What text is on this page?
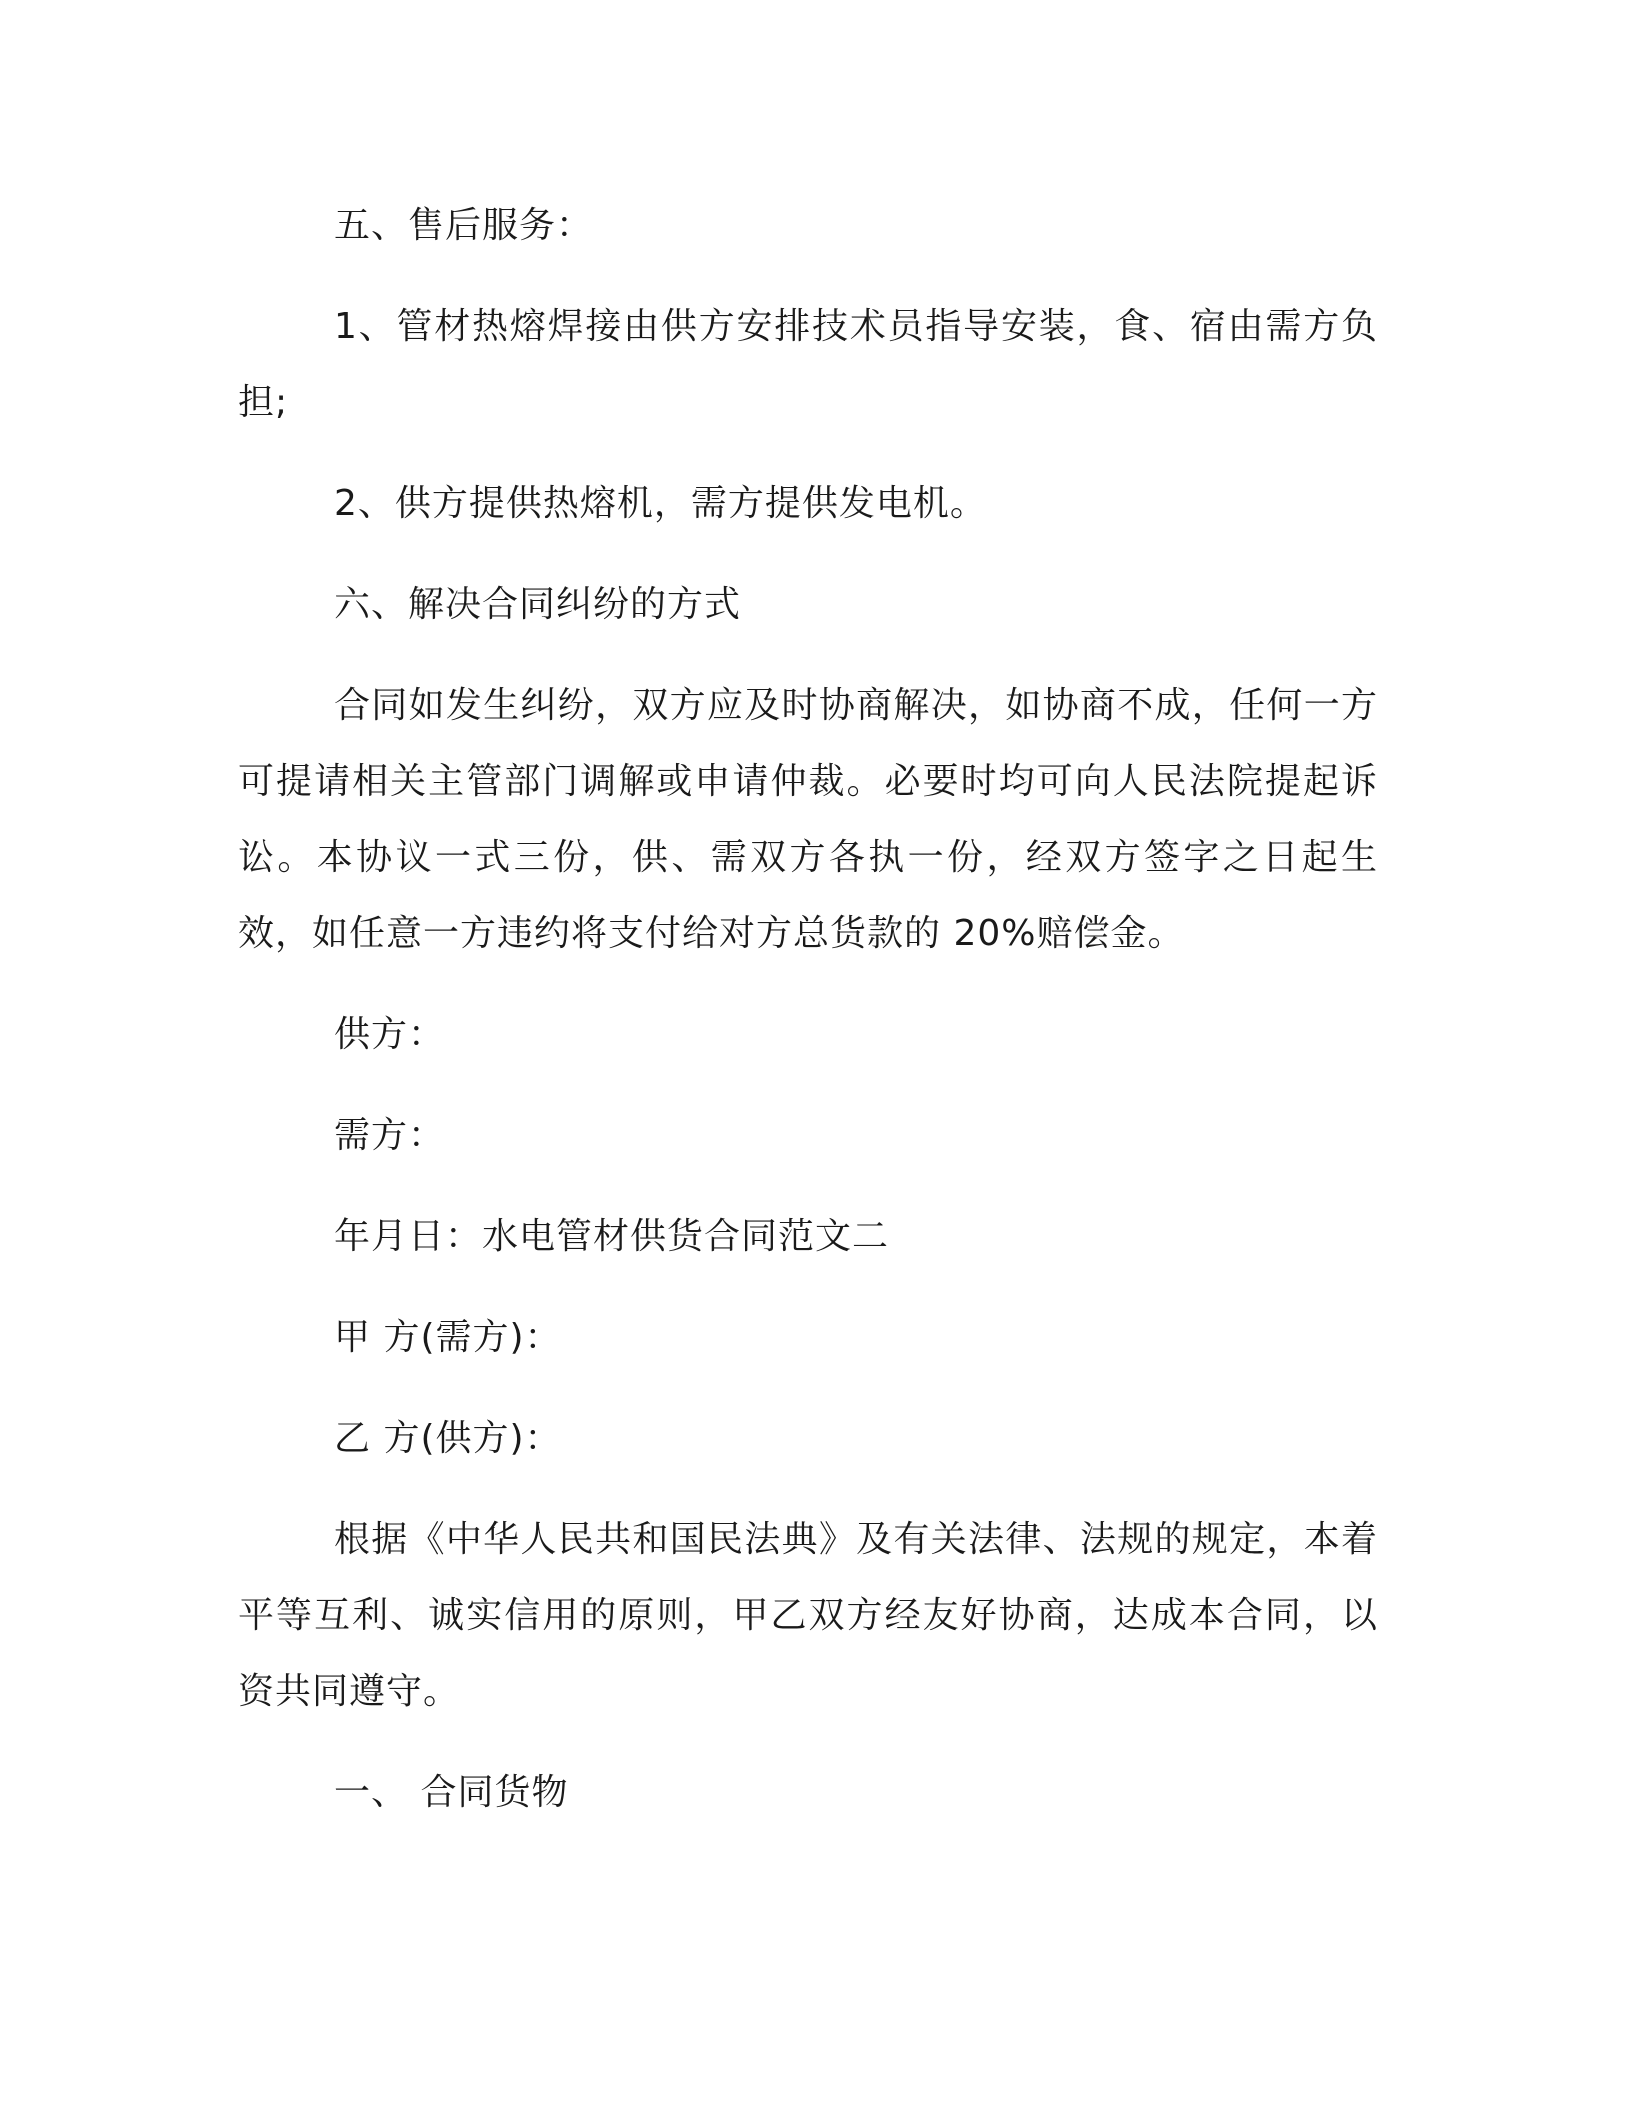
五、售后服务：

1、管材热熔焊接由供方安排技术员指导安装，食、宿由需方负担;

2、供方提供热熔机，需方提供发电机。

六、解决合同纠纷的方式

合同如发生纠纷，双方应及时协商解决，如协商不成，任何一方可提请相关主管部门调解或申请仲裁。必要时均可向人民法院提起诉讼。本协议一式三份，供、需双方各执一份，经双方签字之日起生效，如任意一方违约将支付给对方总货款的 20%赔偿金。

供方：

需方：

年月日：水电管材供货合同范文二

甲 方(需方)：

乙 方(供方)：

根据《中华人民共和国民法典》及有关法律、法规的规定，本着平等互利、诚实信用的原则，甲乙双方经友好协商，达成本合同，以资共同遵守。

一、 合同货物
